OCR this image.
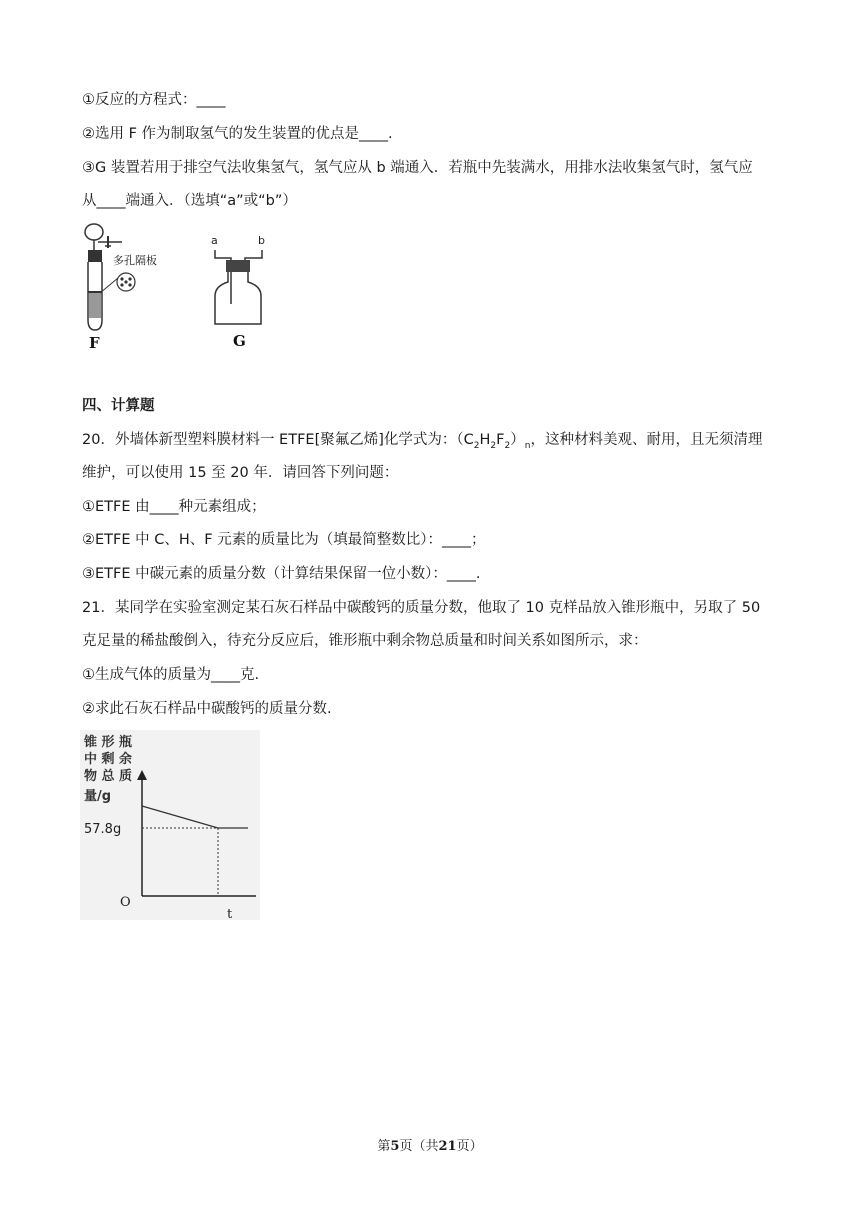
①反应的方程式：____
②选用 F 作为制取氢气的发生装置的优点是____.
③G 装置若用于排空气法收集氢气，氢气应从 b 端通入．若瓶中先装满水，用排水法收集氢气时，氢气应
从____端通入．（选填“a”或“b”）
多孔隔板
F
a	b
G
四、计算题
20．外墙体新型塑料膜材料一 ETFE[聚氟乙烯]化学式为：$(C_2H_2F_2)_n$，这种材料美观、耐用，且无须清理
维护，可以使用 15 至 20 年．请回答下列问题：
①ETFE 由____种元素组成；
②ETFE 中 C、H、F 元素的质量比为（填最简整数比）：____；
③ETFE 中碳元素的质量分数（计算结果保留一位小数）：____.
21．某同学在实验室测定某石灰石样品中碳酸钙的质量分数，他取了 10 克样品放入锥形瓶中，另取了 50
克足量的稀盐酸倒入，待充分反应后，锥形瓶中剩余物总质量和时间关系如图所示，求：
①生成气体的质量为____克.
②求此石灰石样品中碳酸钙的质量分数.
锥 形 瓶
中 剩 余
物 总 质
量/g
57.8g
O
t
第5页（共21页）
